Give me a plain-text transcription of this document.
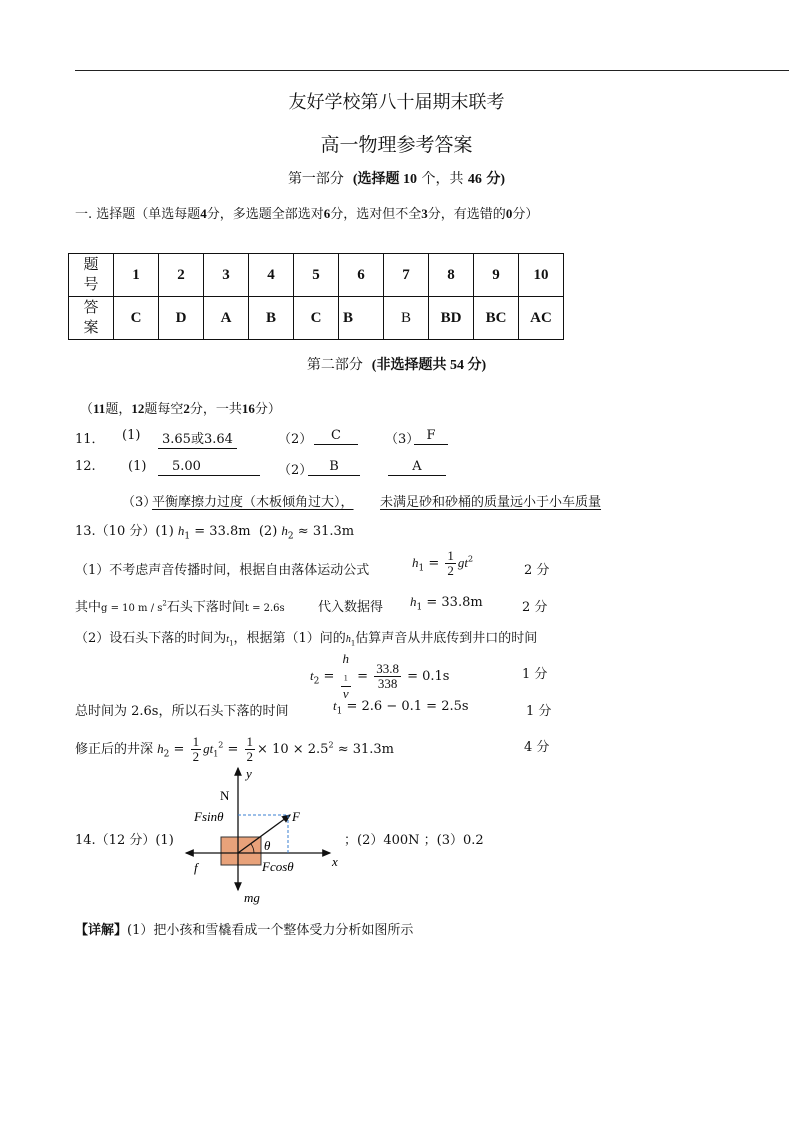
友好学校第八十届期末联考
高一物理参考答案
第一部分 (选择题 10 个，共 46 分)
一. 选择题（单选每题4分，多选题全部选对6分，选对但不全3分，有选错的0分）
题
号	1	2	3	4	5	6	7	8	9	10

答
案	C	D	A	B	C	B	B	BD	BC	AC
第二部分 (非选择题共 54 分)
（11题，12题每空2分，一共16分）
11． (1)	3.65或3.64	（2）	C	（3） F
12. (1)	5.00	（2）	B	A
（3）
平衡摩擦力过度（木板倾角过大）， 未满足砂和砂桶的质量远小于小车质量
13.（10 分）(1) $h_1 = 33.8m$ (2) $h_2 \approx 31.3m$
（1）不考虑声音传播时间，根据自由落体运动公式
$h_1 = \frac{1}{2} gt^2$
2 分
其中g = 10 m / $s^2$石头下落时间t = 2.6s	代入数据得 $h_1 = 33.8m$	2 分
（2）设石头下落的时间为$t_1$，根据第（1）问的$h_1$估算声音从井底传到井口的时间
$t_2 = h$
$_1$
$v = \frac{33.8}{338} = 0.1s$	1 分
总时间为 2.6s，所以石头下落的时间	$t_1 = 2.6 - 0.1 = 2.5s$	1 分
修正后的井深 $h_2 = \frac{1}{2} gt_1^2 = \frac{1}{2} \times 10 \times 2.5^2 \approx 31.3m$	4 分
14.（12 分）(1)
y
N
Fsinθ	F
θ
f	Fcosθ	x
mg
；(2）400N ；(3）0.2
【详解】(1）把小孩和雪橇看成一个整体受力分析如图所示
